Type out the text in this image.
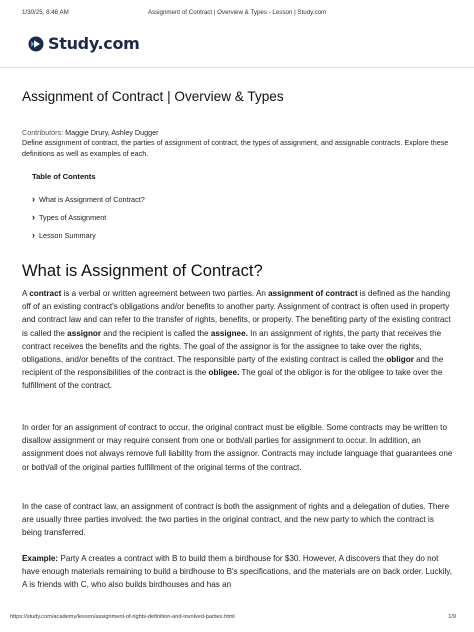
1/30/25, 8:46 AM	Assignment of Contract | Overview & Types - Lesson | Study.com
Study.com
Assignment of Contract | Overview & Types
Contributors: Maggie Drury, Ashley Dugger
Define assignment of contract, the parties of assignment of contract, the types of assignment, and assignable contracts. Explore these definitions as well as examples of each.
Table of Contents
› What is Assignment of Contract?
› Types of Assignment
› Lesson Summary
What is Assignment of Contract?

A contract is a verbal or written agreement between two parties. An assignment of contract is defined as the handing off of an existing contract's obligations and/or benefits to another party. Assignment of contract is often used in property and contract law and can refer to the transfer of rights, benefits, or property. The benefiting party of the existing contract is called the assignor and the recipient is called the assignee. In an assignment of rights, the party that receives the contract receives the benefits and the rights. The goal of the assignor is for the assignee to take over the rights, obligations, and/or benefits of the contract. The responsible party of the existing contract is called the obligor and the recipient of the responsibilities of the contract is the obligee. The goal of the obligor is for the obligee to take over the fulfillment of the contract.

In order for an assignment of contract to occur, the original contract must be eligible. Some contracts may be written to disallow assignment or may require consent from one or both/all parties for assignment to occur. In addition, an assignment does not always remove full liability from the assignor. Contracts may include language that guarantees one or both/all of the original parties fulfillment of the original terms of the contract.

In the case of contract law, an assignment of contract is both the assignment of rights and a delegation of duties. There are usually three parties involved: the two parties in the original contract, and the new party to which the contract is being transferred.

Example: Party A creates a contract with B to build them a birdhouse for $30. However, A discovers that they do not have enough materials remaining to build a birdhouse to B's specifications, and the materials are on back order. Luckily, A is friends with C, who also builds birdhouses and has an

https://study.com/academy/lesson/assignment-of-rights-definition-and-involved-parties.html	1/9
